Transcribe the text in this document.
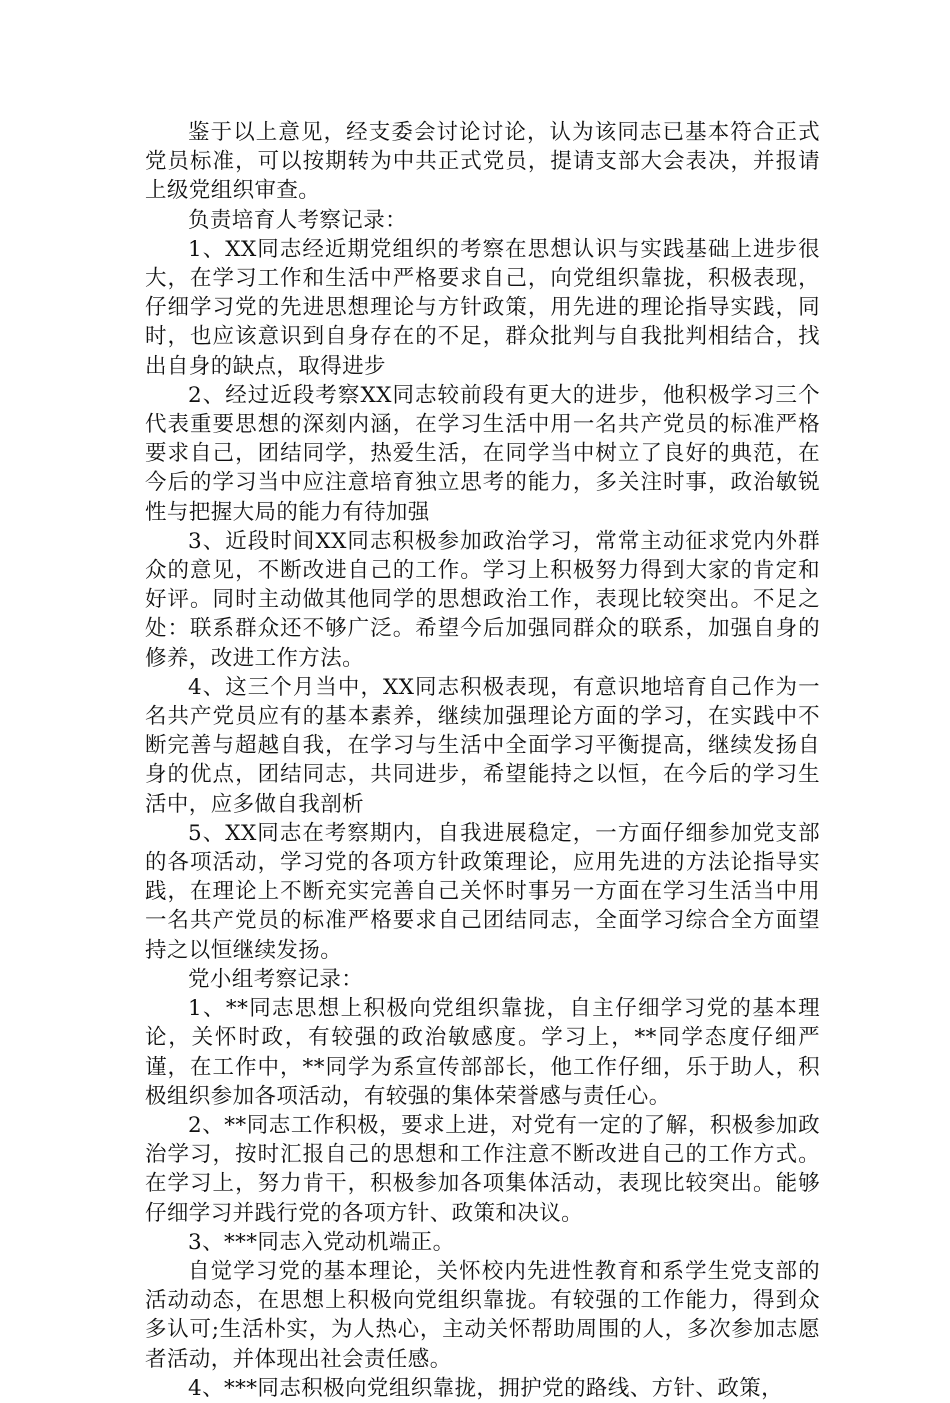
鉴于以上意见，经支委会讨论讨论，认为该同志已基本符合正式党员标准，可以按期转为中共正式党员，提请支部大会表决，并报请上级党组织审查。

负责培育人考察记录：

1、XX同志经近期党组织的考察在思想认识与实践基础上进步很大，在学习工作和生活中严格要求自己，向党组织靠拢，积极表现，仔细学习党的先进思想理论与方针政策，用先进的理论指导实践，同时，也应该意识到自身存在的不足，群众批判与自我批判相结合，找出自身的缺点，取得进步

2、经过近段考察XX同志较前段有更大的进步，他积极学习三个代表重要思想的深刻内涵，在学习生活中用一名共产党员的标准严格要求自己，团结同学，热爱生活，在同学当中树立了良好的典范，在今后的学习当中应注意培育独立思考的能力，多关注时事，政治敏锐性与把握大局的能力有待加强

3、近段时间XX同志积极参加政治学习，常常主动征求党内外群众的意见，不断改进自己的工作。学习上积极努力得到大家的肯定和好评。同时主动做其他同学的思想政治工作，表现比较突出。不足之处：联系群众还不够广泛。希望今后加强同群众的联系，加强自身的修养，改进工作方法。

4、这三个月当中，XX同志积极表现，有意识地培育自己作为一名共产党员应有的基本素养，继续加强理论方面的学习，在实践中不断完善与超越自我，在学习与生活中全面学习平衡提高，继续发扬自身的优点，团结同志，共同进步，希望能持之以恒，在今后的学习生活中，应多做自我剖析

5、XX同志在考察期内，自我进展稳定，一方面仔细参加党支部的各项活动，学习党的各项方针政策理论，应用先进的方法论指导实践，在理论上不断充实完善自己关怀时事另一方面在学习生活当中用一名共产党员的标准严格要求自己团结同志，全面学习综合全方面望持之以恒继续发扬。

党小组考察记录：

1、**同志思想上积极向党组织靠拢，自主仔细学习党的基本理论，关怀时政，有较强的政治敏感度。学习上，**同学态度仔细严谨，在工作中，**同学为系宣传部部长，他工作仔细，乐于助人，积极组织参加各项活动，有较强的集体荣誉感与责任心。

2、**同志工作积极，要求上进，对党有一定的了解，积极参加政治学习，按时汇报自己的思想和工作注意不断改进自己的工作方式。在学习上，努力肯干，积极参加各项集体活动，表现比较突出。能够仔细学习并践行党的各项方针、政策和决议。

3、***同志入党动机端正。

自觉学习党的基本理论，关怀校内先进性教育和系学生党支部的活动动态，在思想上积极向党组织靠拢。有较强的工作能力，得到众多认可;生活朴实，为人热心，主动关怀帮助周围的人，多次参加志愿者活动，并体现出社会责任感。

4、***同志积极向党组织靠拢，拥护党的路线、方针、政策，
